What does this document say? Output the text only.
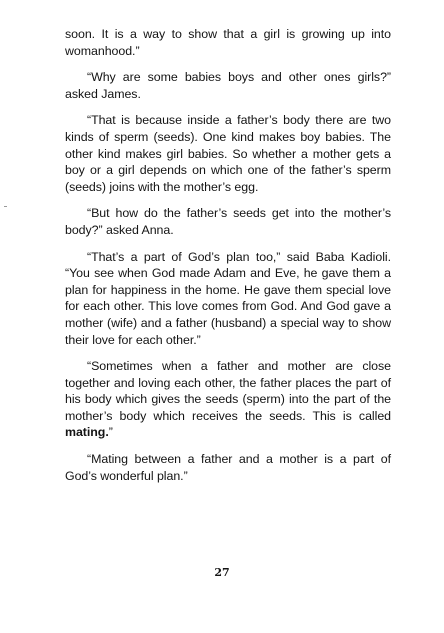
soon. It is a way to show that a girl is growing up into womanhood.”

“Why are some babies boys and other ones girls?” asked James.

“That is because inside a father’s body there are two kinds of sperm (seeds). One kind makes boy babies. The other kind makes girl babies. So whether a mother gets a boy or a girl depends on which one of the father’s sperm (seeds) joins with the mother’s egg.

“But how do the father’s seeds get into the mother’s body?” asked Anna.

“That’s a part of God’s plan too,” said Baba Kadioli. “You see when God made Adam and Eve, he gave them a plan for happiness in the home. He gave them special love for each other. This love comes from God. And God gave a mother (wife) and a father (husband) a special way to show their love for each other.”

“Sometimes when a father and mother are close together and loving each other, the father places the part of his body which gives the seeds (sperm) into the part of the mother’s body which receives the seeds. This is called mating.”

“Mating between a father and a mother is a part of God’s wonderful plan.”

27
